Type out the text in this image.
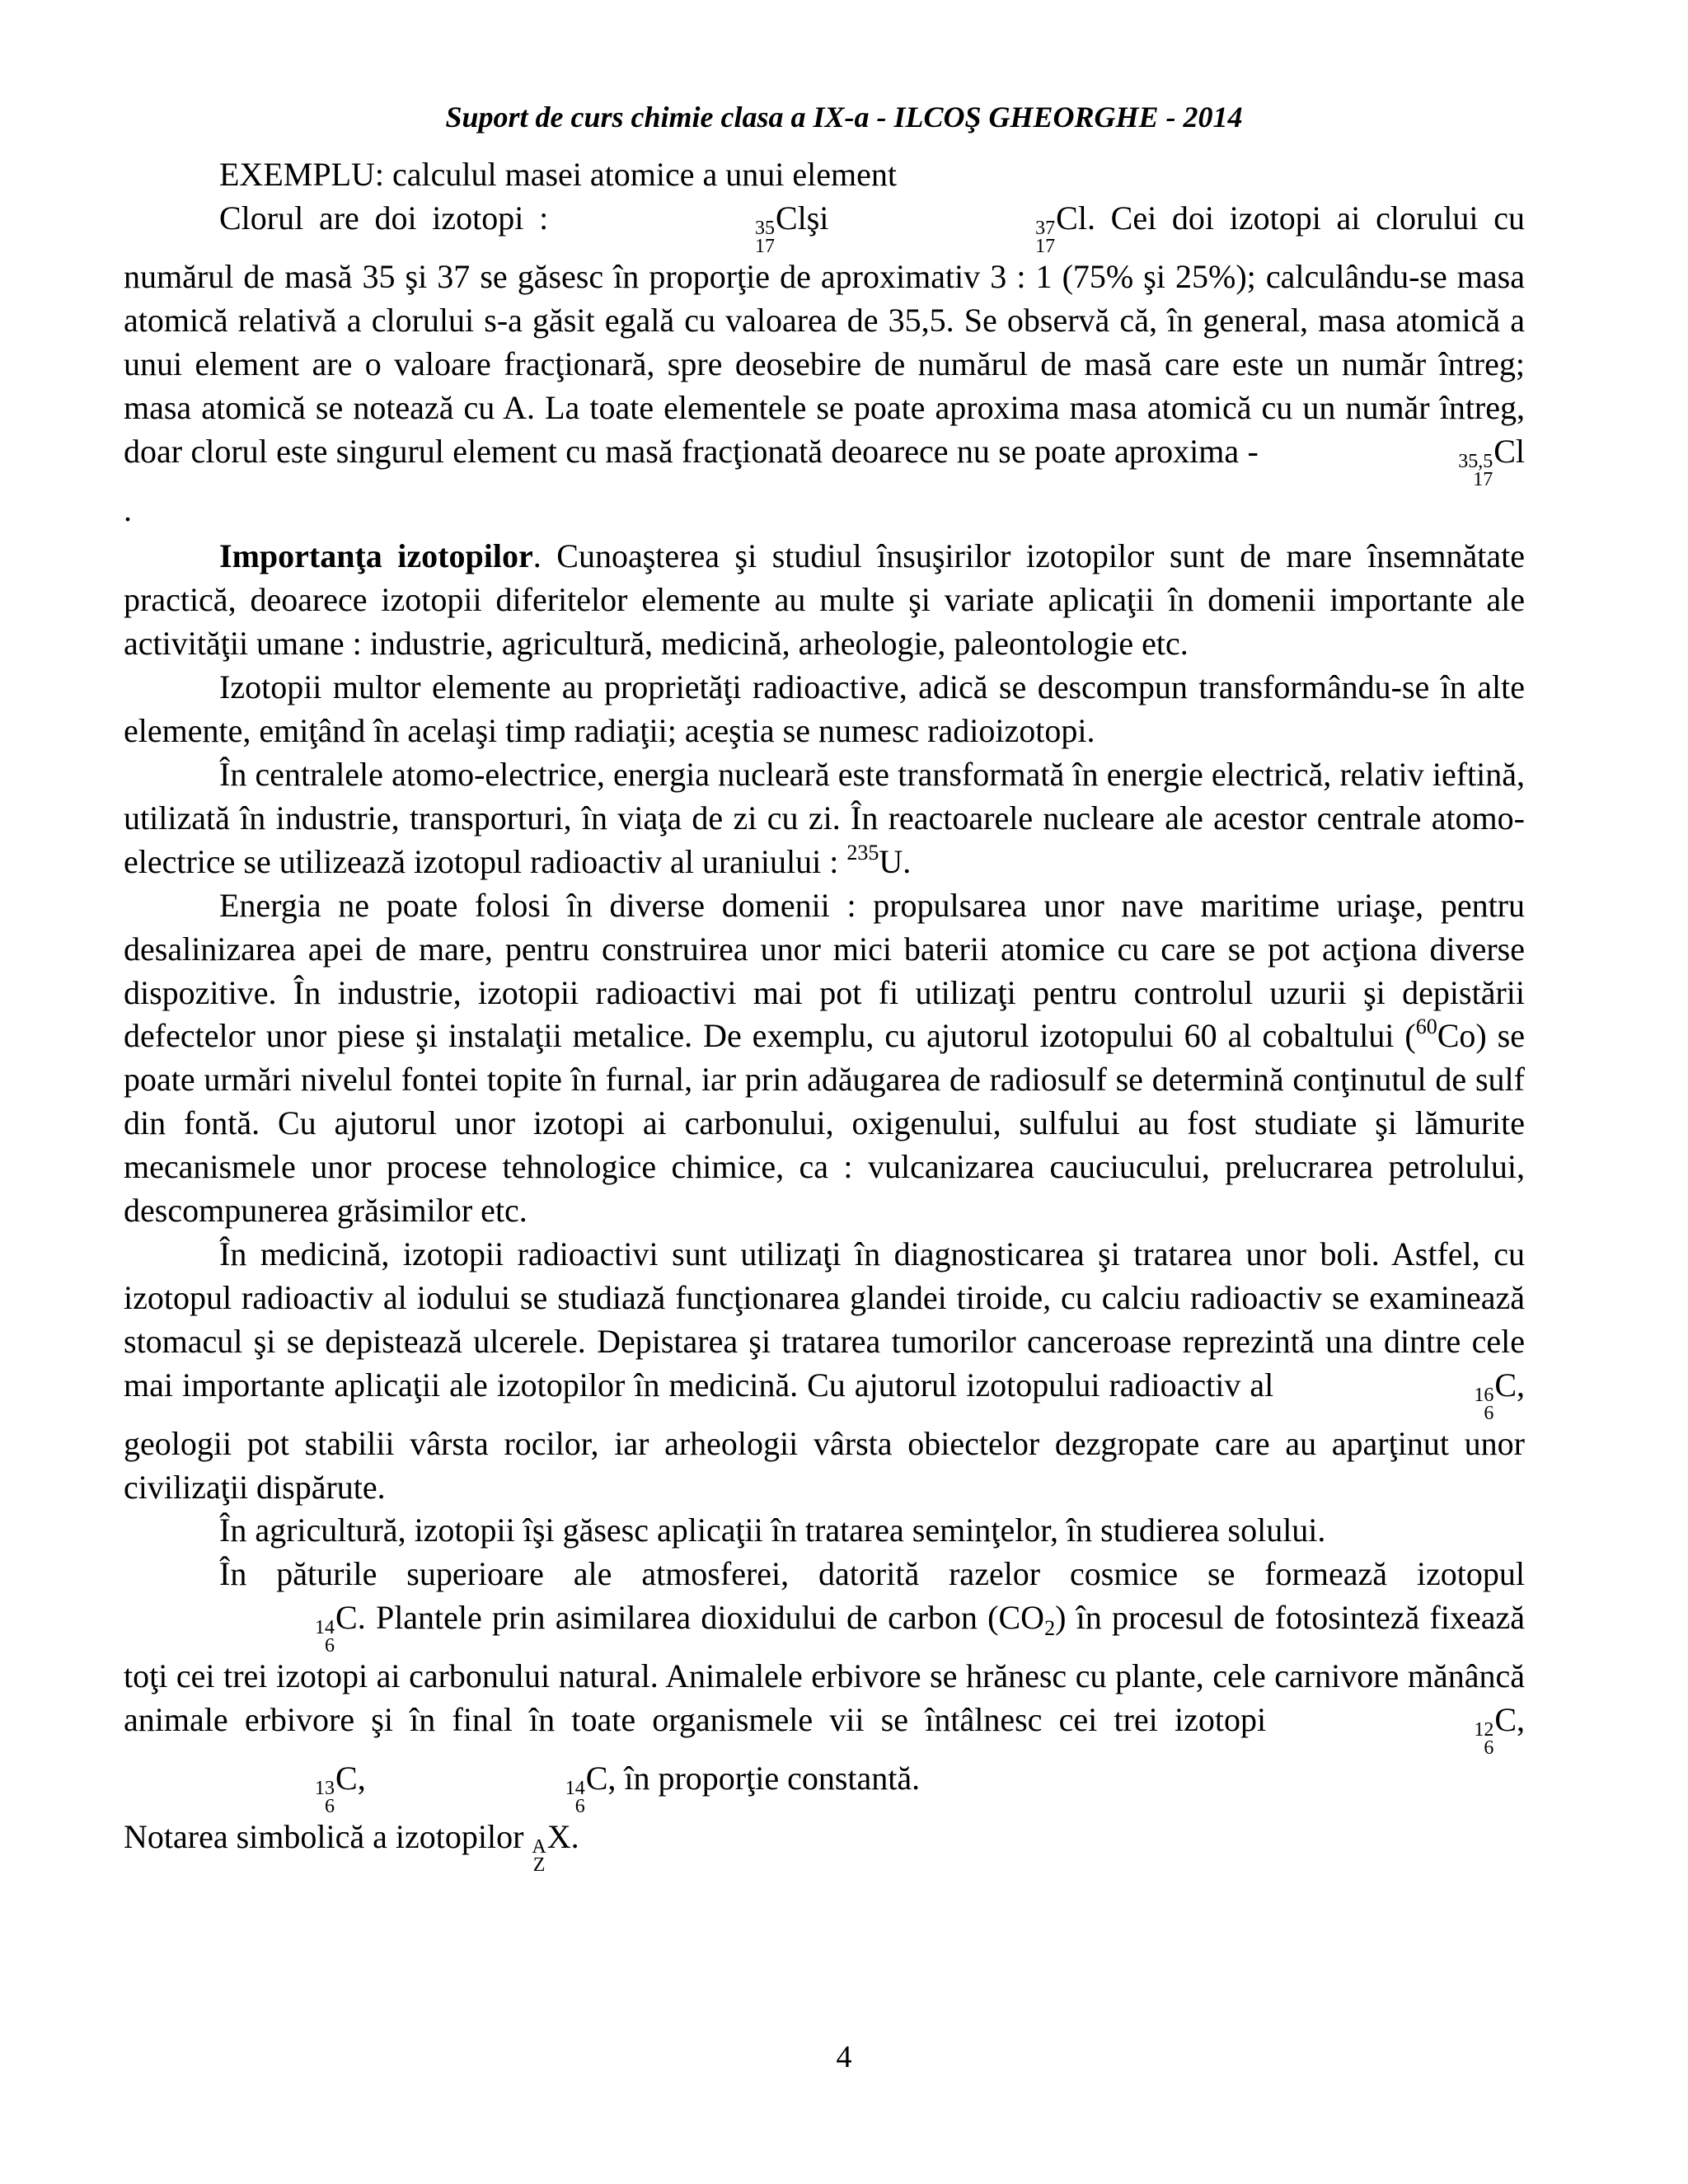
Suport de curs chimie clasa a IX-a - ILCOŞ GHEORGHE - 2014

EXEMPLU: calculul masei atomice a unui element

Clorul are doi izotopi :	35
17
Clşi	37
17
Cl. Cei doi izotopi ai clorului cu numărul de masă 35 şi 37 se găsesc în proporţie de aproximativ 3 : 1 (75% şi 25%); calculându-se masa atomică relativă a clorului s-a găsit egală cu valoarea de 35,5. Se observă că, în general, masa atomică a unui element are o valoare fracţionară, spre deosebire de numărul de masă care este un număr întreg; masa atomică se notează cu A. La toate elementele se poate aproxima masa atomică cu un număr întreg, doar clorul este singurul element cu masă fracţionată deoarece nu se poate aproxima -	35,5
17
Cl.

Importanţa izotopilor. Cunoaşterea şi studiul însuşirilor izotopilor sunt de mare însemnătate practică, deoarece izotopii diferitelor elemente au multe şi variate aplicaţii în domenii importante ale activităţii umane : industrie, agricultură, medicină, arheologie, paleontologie etc.

Izotopii multor elemente au proprietăţi radioactive, adică se descompun transformându-se în alte elemente, emiţând în acelaşi timp radiaţii; aceştia se numesc radioizotopi.

În centralele atomo-electrice, energia nucleară este transformată în energie electrică, relativ ieftină, utilizată în industrie, transporturi, în viaţa de zi cu zi. În reactoarele nucleare ale acestor centrale atomo-electrice se utilizează izotopul radioactiv al uraniului : $^{235}$U.

Energia ne poate folosi în diverse domenii : propulsarea unor nave maritime uriaşe, pentru desalinizarea apei de mare, pentru construirea unor mici baterii atomice cu care se pot acţiona diverse dispozitive. În industrie, izotopii radioactivi mai pot fi utilizaţi pentru controlul uzurii şi depistării defectelor unor piese şi instalaţii metalice. De exemplu, cu ajutorul izotopului 60 al cobaltului ($^{60}$Co) se poate urmări nivelul fontei topite în furnal, iar prin adăugarea de radiosulf se determină conţinutul de sulf din fontă. Cu ajutorul unor izotopi ai carbonului, oxigenului, sulfului au fost studiate şi lămurite mecanismele unor procese tehnologice chimice, ca : vulcanizarea cauciucului, prelucrarea petrolului, descompunerea grăsimilor etc.

În medicină, izotopii radioactivi sunt utilizaţi în diagnosticarea şi tratarea unor boli. Astfel, cu izotopul radioactiv al iodului se studiază funcţionarea glandei tiroide, cu calciu radioactiv se examinează stomacul şi se depistează ulcerele. Depistarea şi tratarea tumorilor canceroase reprezintă una dintre cele mai importante aplicaţii ale izotopilor în medicină. Cu ajutorul izotopului radioactiv al	16
6
C, geologii pot stabilii vârsta rocilor, iar arheologii vârsta obiectelor dezgropate care au aparţinut unor civilizaţii dispărute.

În agricultură, izotopii îşi găsesc aplicaţii în tratarea seminţelor, în studierea solului.

În păturile superioare ale atmosferei, datorită razelor cosmice se formează izotopul
14
6
C. Plantele prin asimilarea dioxidului de carbon $(CO_2)$ în procesul de fotosinteză fixează toţi cei trei izotopi ai carbonului natural. Animalele erbivore se hrănesc cu plante, cele carnivore mănâncă animale erbivore şi în final în toate organismele vii se întâlnesc cei trei izotopi	12
6
C,
13
6
C,	14
6
C, în proporţie constantă.

Notarea simbolică a izotopilor A
Z
X.

4
